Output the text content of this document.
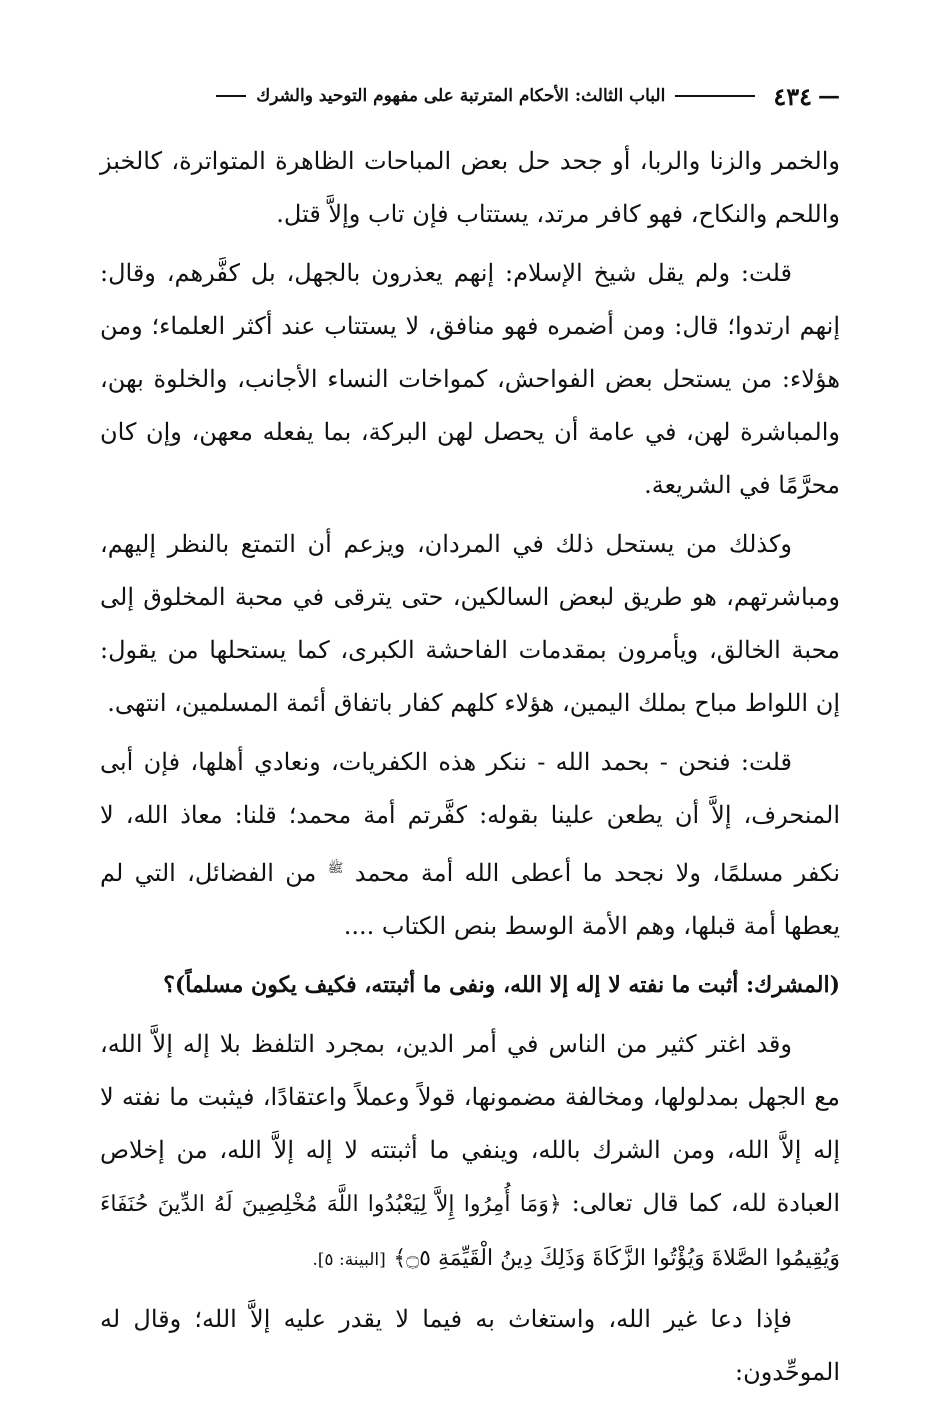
—
٤٣٤
الباب الثالث: الأحكام المترتبة على مفهوم التوحيد والشرك

والخمر والزنا والربا، أو جحد حل بعض المباحات الظاهرة المتواترة، كالخبز واللحم والنكاح، فهو كافر مرتد، يستتاب فإن تاب وإلاَّ قتل.

قلت: ولم يقل شيخ الإسلام: إنهم يعذرون بالجهل، بل كفَّرهم، وقال: إنهم ارتدوا؛ قال: ومن أضمره فهو منافق، لا يستتاب عند أكثر العلماء؛ ومن هؤلاء: من يستحل بعض الفواحش، كمواخات النساء الأجانب، والخلوة بهن، والمباشرة لهن، في عامة أن يحصل لهن البركة، بما يفعله معهن، وإن كان محرَّمًا في الشريعة.

وكذلك من يستحل ذلك في المردان، ويزعم أن التمتع بالنظر إليهم، ومباشرتهم، هو طريق لبعض السالكين، حتى يترقى في محبة المخلوق إلى محبة الخالق، ويأمرون بمقدمات الفاحشة الكبرى، كما يستحلها من يقول: إن اللواط مباح بملك اليمين، هؤلاء كلهم كفار باتفاق أئمة المسلمين، انتهى.

قلت: فنحن - بحمد الله - ننكر هذه الكفريات، ونعادي أهلها، فإن أبى المنحرف، إلاَّ أن يطعن علينا بقوله: كفَّرتم أمة محمد؛ قلنا: معاذ الله، لا نكفر مسلمًا، ولا نجحد ما أعطى الله أمة محمد $^ﷺ$ من الفضائل، التي لم يعطها أمة قبلها، وهم الأمة الوسط بنص الكتاب ....

(المشرك: أثبت ما نفته لا إله إلا الله، ونفى ما أثبتته، فكيف يكون مسلماً)؟

وقد اغتر كثير من الناس في أمر الدين، بمجرد التلفظ بلا إله إلاَّ الله، مع الجهل بمدلولها، ومخالفة مضمونها، قولاً وعملاً واعتقادًا، فيثبت ما نفته لا إله إلاَّ الله، ومن الشرك بالله، وينفي ما أثبتته لا إله إلاَّ الله، من إخلاص العبادة لله، كما قال تعالى: ﴿وَمَا أُمِرُوا إِلاَّ لِيَعْبُدُوا اللَّهَ مُخْلِصِينَ لَهُ الدِّينَ حُنَفَاءَ وَيُقِيمُوا الصَّلاةَ وَيُؤْتُوا الزَّكَاةَ وَذَلِكَ دِينُ الْقَيِّمَةِ ۝٥﴾ [البينة: ٥].

فإذا دعا غير الله، واستغاث به فيما لا يقدر عليه إلاَّ الله؛ وقال له الموحِّدون:
